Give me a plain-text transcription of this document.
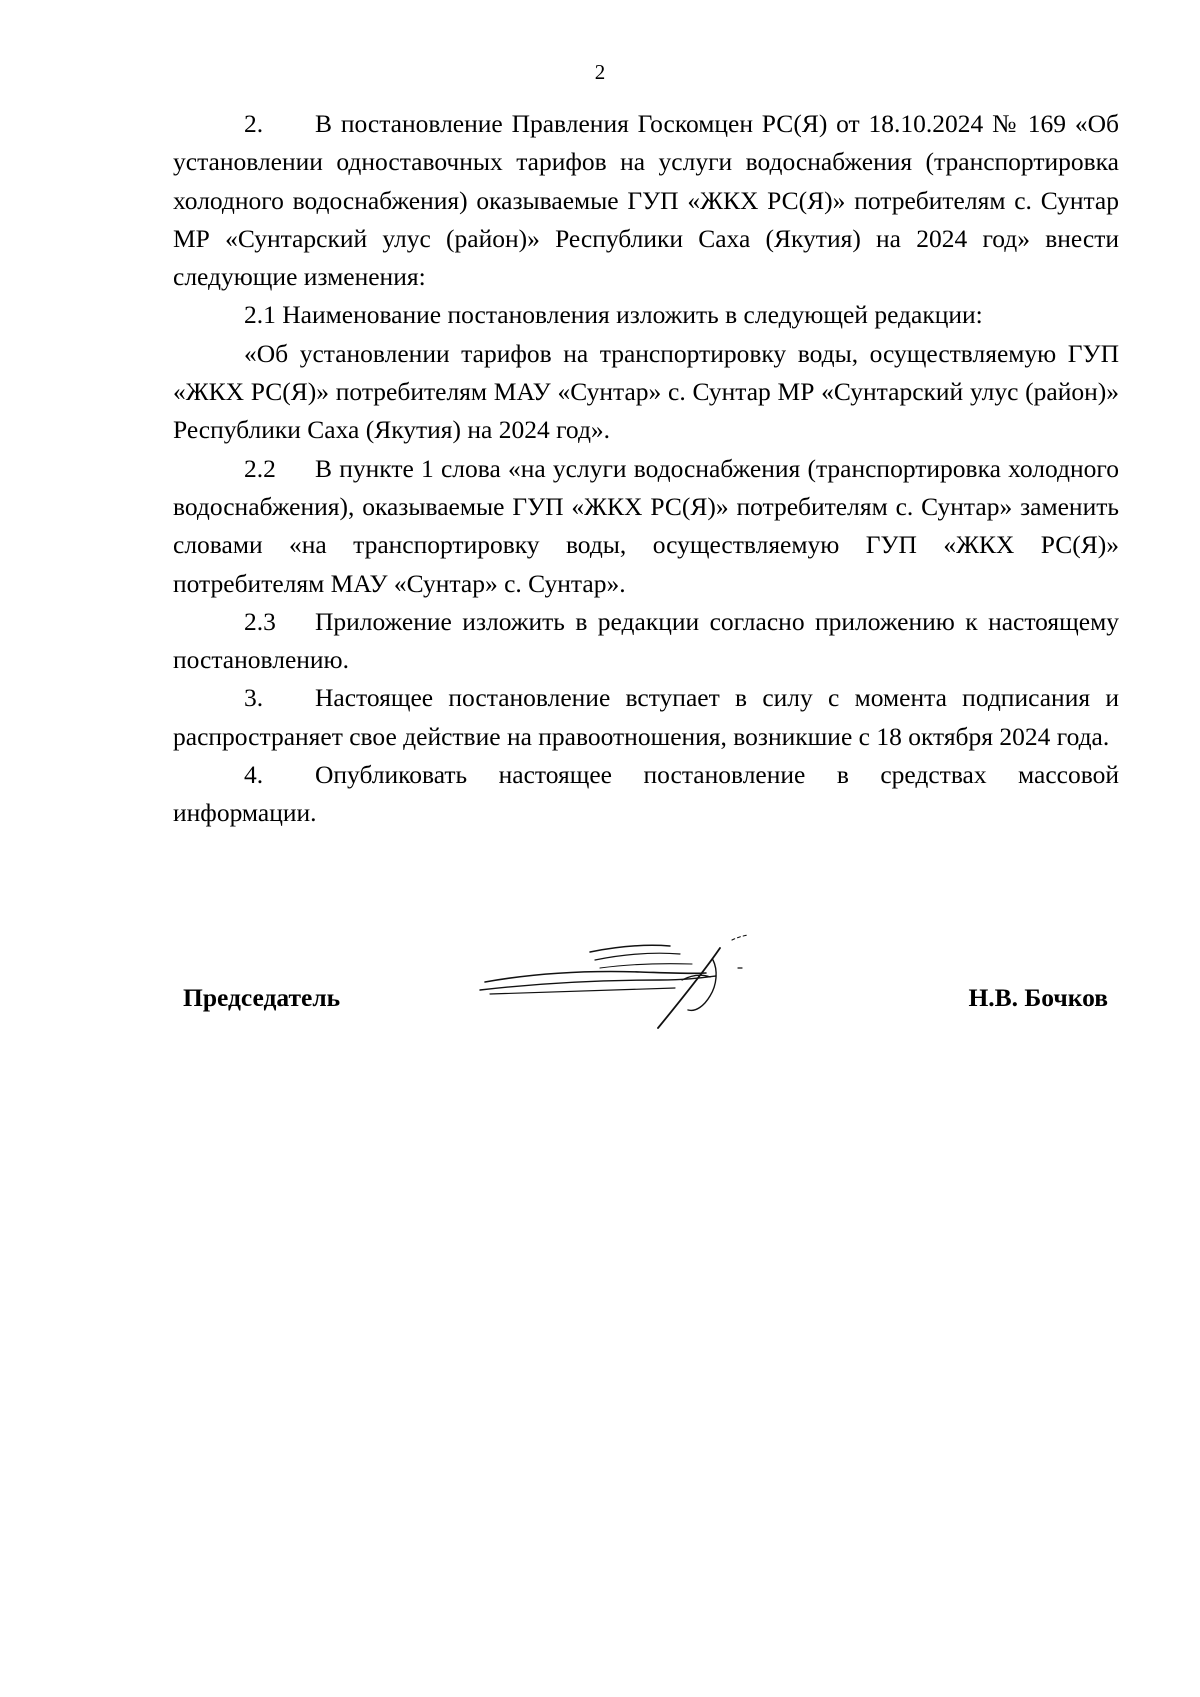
2

2. В постановление Правления Госкомцен РС(Я) от 18.10.2024 № 169 «Об установлении одноставочных тарифов на услуги водоснабжения (транспортировка холодного водоснабжения) оказываемые ГУП «ЖКХ РС(Я)» потребителям с. Сунтар МР «Сунтарский улус (район)» Республики Саха (Якутия) на 2024 год» внести следующие изменения:

2.1 Наименование постановления изложить в следующей редакции:

«Об установлении тарифов на транспортировку воды, осуществляемую ГУП «ЖКХ РС(Я)» потребителям МАУ «Сунтар» с. Сунтар МР «Сунтарский улус (район)» Республики Саха (Якутия) на 2024 год».

2.2 В пункте 1 слова «на услуги водоснабжения (транспортировка холодного водоснабжения), оказываемые ГУП «ЖКХ РС(Я)» потребителям с. Сунтар» заменить словами «на транспортировку воды, осуществляемую ГУП «ЖКХ РС(Я)» потребителям МАУ «Сунтар» с. Сунтар».

2.3 Приложение изложить в редакции согласно приложению к настоящему постановлению.

3. Настоящее постановление вступает в силу с момента подписания и распространяет свое действие на правоотношения, возникшие с 18 октября 2024 года.

4. Опубликовать настоящее постановление в средствах массовой информации.

Председатель	Н.В. Бочков
